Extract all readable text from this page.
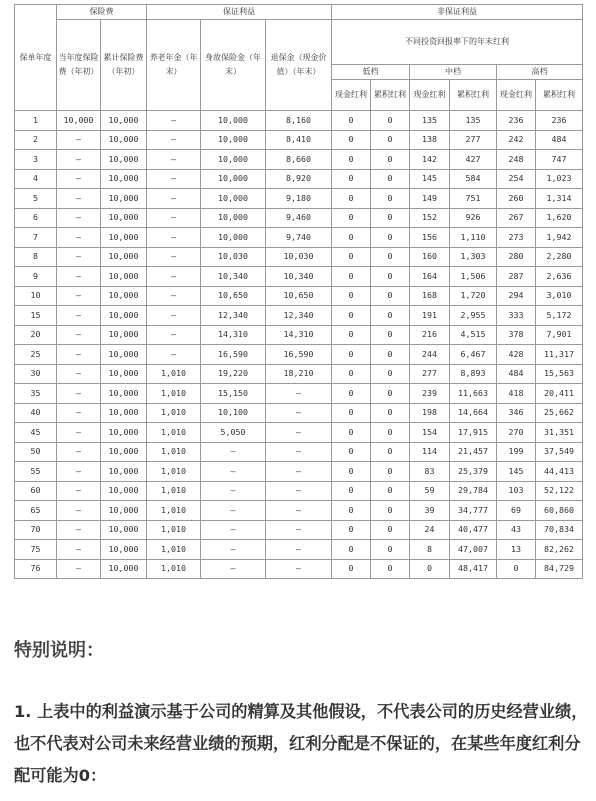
保单年度	保险费		保证利益			非保证利益					
	当年度保险费（年初）	累计保险费（年初）	养老年金（年末）	身故保险金（年末）	退保金（现金价值）（年末）	不同投资回报率下的年末红利					
						低档		中档		高档	
						现金红利	累积红利	现金红利	累积红利	现金红利	累积红利
1	10,000	10,000	–	10,000	8,160	0	0	135	135	236	236
2	–	10,000	–	10,000	8,410	0	0	138	277	242	484
3	–	10,000	–	10,000	8,660	0	0	142	427	248	747
4	–	10,000	–	10,000	8,920	0	0	145	584	254	1,023
5	–	10,000	–	10,000	9,180	0	0	149	751	260	1,314
6	–	10,000	–	10,000	9,460	0	0	152	926	267	1,620
7	–	10,000	–	10,000	9,740	0	0	156	1,110	273	1,942
8	–	10,000	–	10,030	10,030	0	0	160	1,303	280	2,280
9	–	10,000	–	10,340	10,340	0	0	164	1,506	287	2,636
10	–	10,000	–	10,650	10,650	0	0	168	1,720	294	3,010
15	–	10,000	–	12,340	12,340	0	0	191	2,955	333	5,172
20	–	10,000	–	14,310	14,310	0	0	216	4,515	378	7,901
25	–	10,000	–	16,590	16,590	0	0	244	6,467	428	11,317
30	–	10,000	1,010	19,220	18,210	0	0	277	8,893	484	15,563
35	–	10,000	1,010	15,150	–	0	0	239	11,663	418	20,411
40	–	10,000	1,010	10,100	–	0	0	198	14,664	346	25,662
45	–	10,000	1,010	5,050	–	0	0	154	17,915	270	31,351
50	–	10,000	1,010	–	–	0	0	114	21,457	199	37,549
55	–	10,000	1,010	–	–	0	0	83	25,379	145	44,413
60	–	10,000	1,010	–	–	0	0	59	29,784	103	52,122
65	–	10,000	1,010	–	–	0	0	39	34,777	69	60,860
70	–	10,000	1,010	–	–	0	0	24	40,477	43	70,834
75	–	10,000	1,010	–	–	0	0	8	47,007	13	82,262
76	–	10,000	1,010	–	–	0	0	0	48,417	0	84,729
特别说明：
1. 上表中的利益演示基于公司的精算及其他假设，不代表公司的历史经营业绩，也不代表对公司未来经营业绩的预期，红利分配是不保证的，在某些年度红利分配可能为0：
